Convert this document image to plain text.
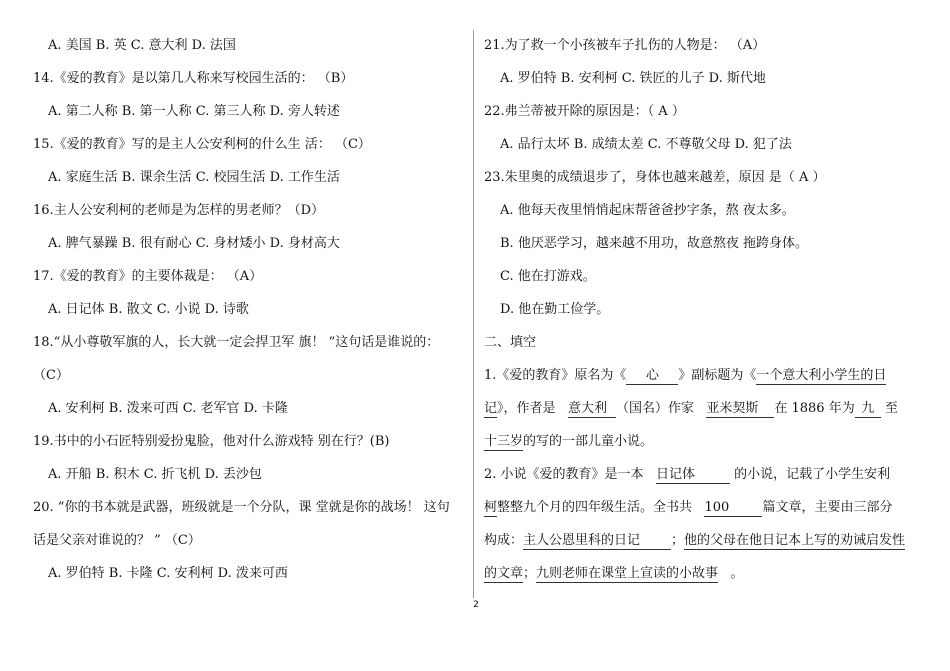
A. 美国 B. 英 C. 意大利 D. 法国
14.《爱的教育》是以第几人称来写校园生活的： （B）
A. 第二人称 B. 第一人称 C. 第三人称 D. 旁人转述
15.《爱的教育》写的是主人公安利柯的什么生 活： （C）
A. 家庭生活 B. 课余生活 C. 校园生活 D. 工作生活
16.主人公安利柯的老师是为怎样的男老师？（D）
A. 脾气暴躁 B. 很有耐心 C. 身材矮小 D. 身材高大
17.《爱的教育》的主要体裁是： （A）
A. 日记体 B. 散文 C. 小说 D. 诗歌
18.“从小尊敬军旗的人，长大就一定会捍卫军 旗！ ”这句话是谁说的：
（C）
A. 安利柯 B. 泼来可西 C. 老军官 D. 卡隆
19.书中的小石匠特别爱扮鬼脸，他对什么游戏特 别在行？(B)
A. 开船 B. 积木 C. 折飞机 D. 丢沙包
20. “你的书本就是武器，班级就是一个分队，课 堂就是你的战场！ 这句
话是父亲对谁说的？ ” （C）
A. 罗伯特 B. 卡隆 C. 安利柯 D. 泼来可西
21.为了救一个小孩被车子扎伤的人物是： （A）
A. 罗伯特 B. 安利柯 C. 铁匠的儿子 D. 斯代地
22.弗兰蒂被开除的原因是：（ A ）
A. 品行太坏 B. 成绩太差 C. 不尊敬父母 D. 犯了法
23.朱里奥的成绩退步了，身体也越来越差，原因 是（ A ）
A. 他每天夜里悄悄起床帮爸爸抄字条，熬 夜太多。
B. 他厌恶学习，越来越不用功，故意熬夜 拖跨身体。
C. 他在打游戏。
D. 他在勤工俭学。
二、填空
1.《爱的教育》原名为《 心 》副标题为《一个意大利小学生的日
记》，作者是 意大利 （国名）作家 亚米契斯 在 1886 年为 九 至
十三岁的写的一部儿童小说。
2. 小说《爱的教育》是一本 日记体	的小说，记载了小学生安利
柯整整九个月的四年级生活。全书共 100	篇文章，主要由三部分
构成：主人公恩里科的日记 ；他的父母在他日记本上写的劝诫启发性
的文章；九则老师在课堂上宣读的小故事 。
2
